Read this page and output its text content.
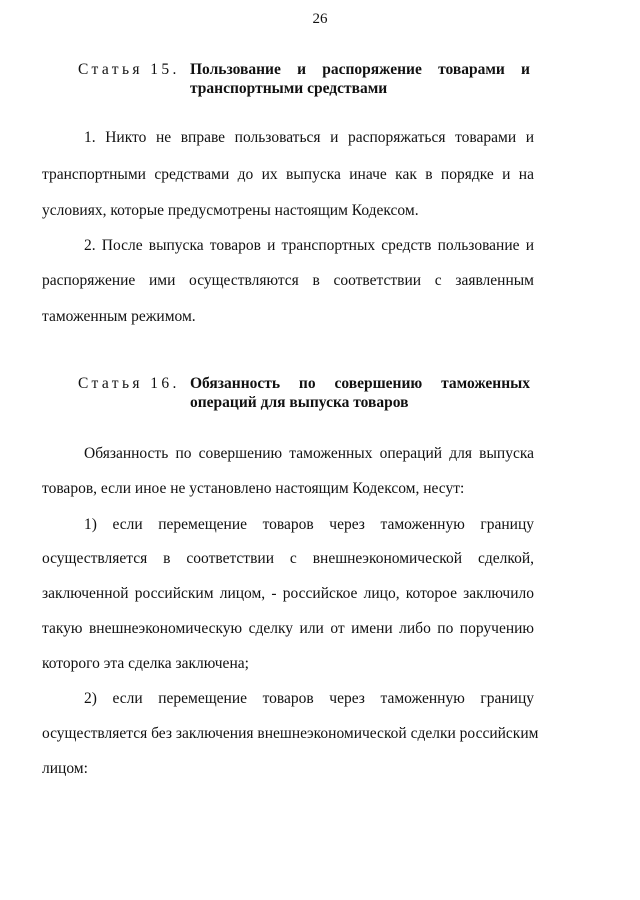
26
Статья 15. Пользование и распоряжение товарами и
транспортными средствами
1. Никто не вправе пользоваться и распоряжаться товарами и
транспортными средствами до их выпуска иначе как в порядке и на
условиях, которые предусмотрены настоящим Кодексом.
2. После выпуска товаров и транспортных средств пользование и
распоряжение ими осуществляются в соответствии с заявленным
таможенным режимом.
Статья 16. Обязанность по совершению таможенных
операций для выпуска товаров
Обязанность по совершению таможенных операций для выпуска
товаров, если иное не установлено настоящим Кодексом, несут:
1) если перемещение товаров через таможенную границу
осуществляется в соответствии с внешнеэкономической сделкой,
заключенной российским лицом, - российское лицо, которое заключило
такую внешнеэкономическую сделку или от имени либо по поручению
которого эта сделка заключена;
2) если перемещение товаров через таможенную границу
осуществляется без заключения внешнеэкономической сделки российским
лицом:
